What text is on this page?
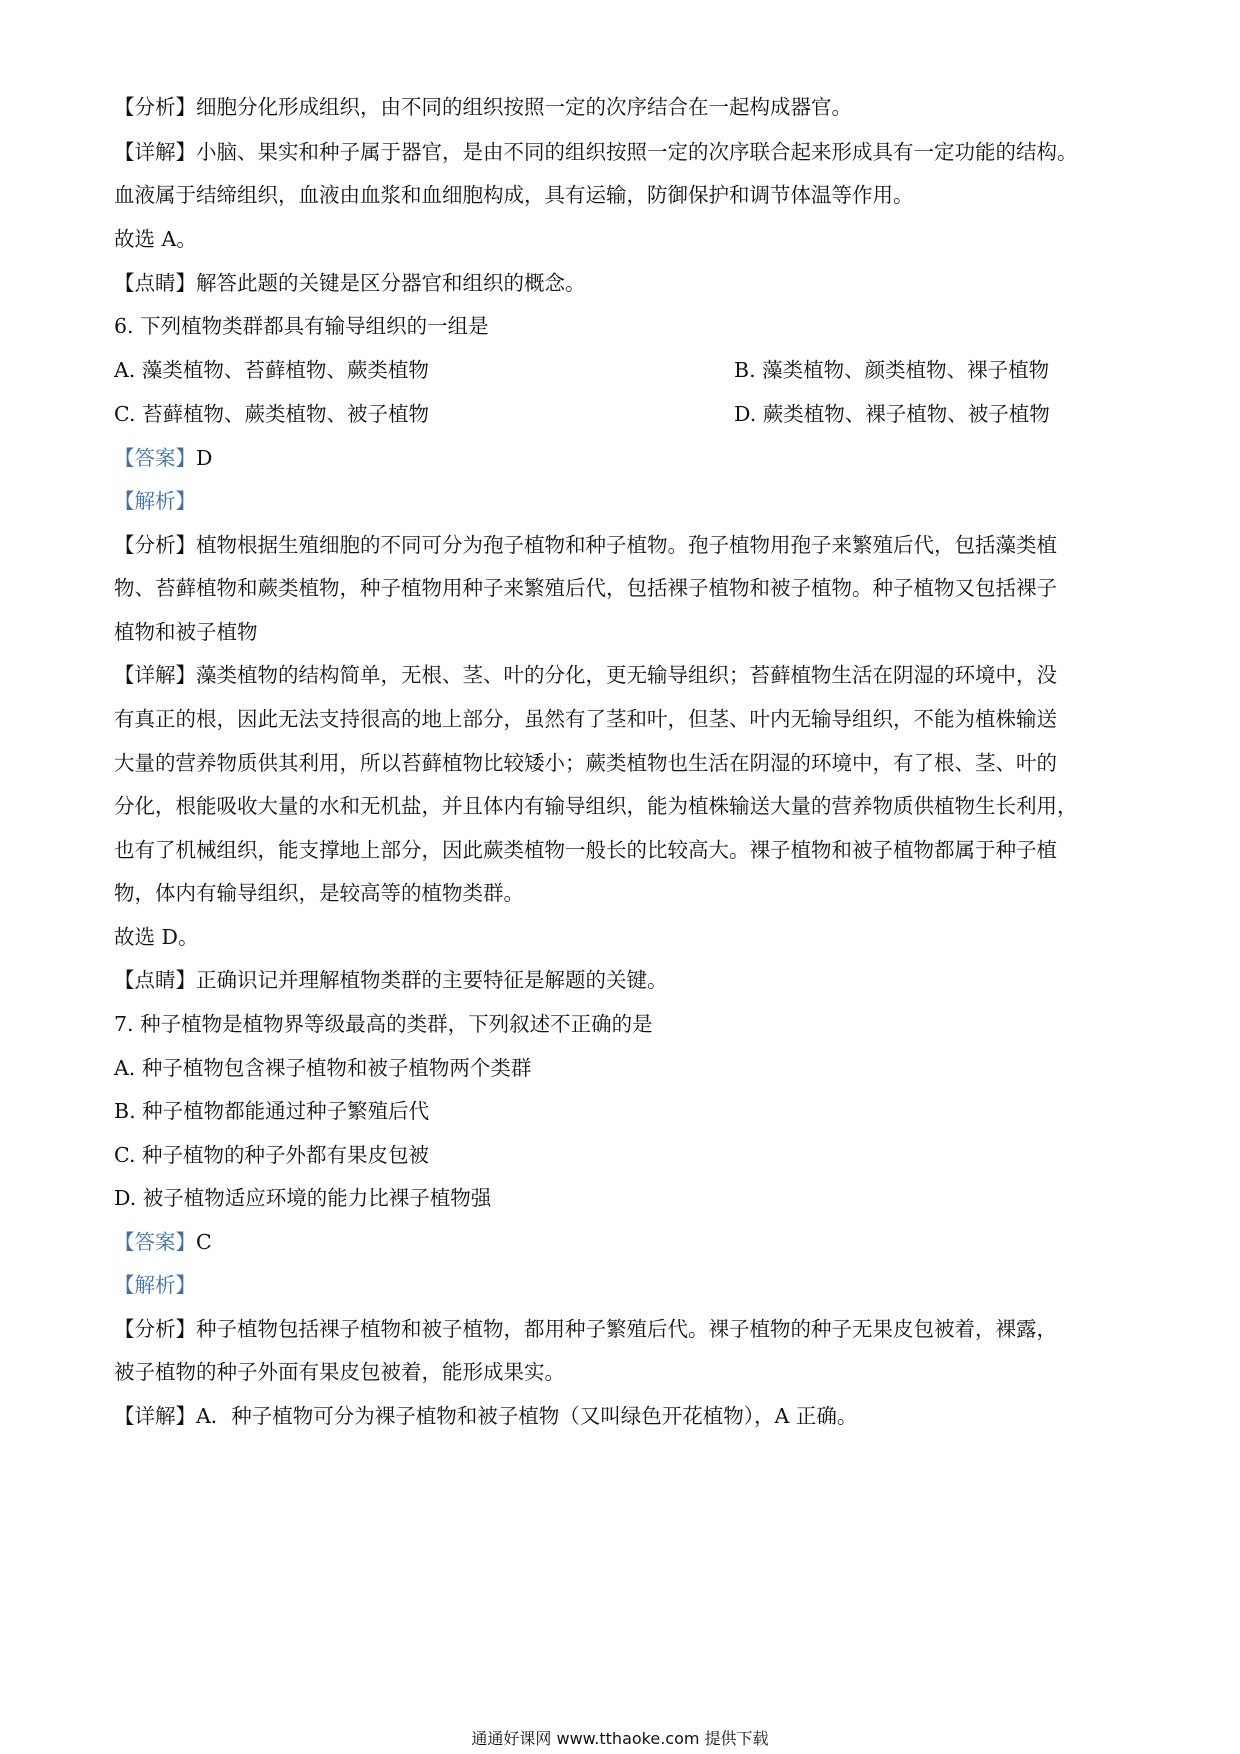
【分析】细胞分化形成组织，由不同的组织按照一定的次序结合在一起构成器官。
【详解】小脑、果实和种子属于器官，是由不同的组织按照一定的次序联合起来形成具有一定功能的结构。
血液属于结缔组织，血液由血浆和血细胞构成，具有运输，防御保护和调节体温等作用。
故选 A。
【点睛】解答此题的关键是区分器官和组织的概念。
6. 下列植物类群都具有输导组织的一组是
A. 藻类植物、苔藓植物、蕨类植物	B. 藻类植物、颜类植物、裸子植物
C. 苔藓植物、蕨类植物、被子植物	D. 蕨类植物、裸子植物、被子植物
【答案】D
【解析】
【分析】植物根据生殖细胞的不同可分为孢子植物和种子植物。孢子植物用孢子来繁殖后代，包括藻类植
物、苔藓植物和蕨类植物，种子植物用种子来繁殖后代，包括裸子植物和被子植物。种子植物又包括裸子
植物和被子植物
【详解】藻类植物的结构简单，无根、茎、叶的分化，更无输导组织；苔藓植物生活在阴湿的环境中，没
有真正的根，因此无法支持很高的地上部分，虽然有了茎和叶，但茎、叶内无输导组织，不能为植株输送
大量的营养物质供其利用，所以苔藓植物比较矮小；蕨类植物也生活在阴湿的环境中，有了根、茎、叶的
分化，根能吸收大量的水和无机盐，并且体内有输导组织，能为植株输送大量的营养物质供植物生长利用，
也有了机械组织，能支撑地上部分，因此蕨类植物一般长的比较高大。裸子植物和被子植物都属于种子植
物，体内有输导组织，是较高等的植物类群。
故选 D。
【点睛】正确识记并理解植物类群的主要特征是解题的关键。
7. 种子植物是植物界等级最高的类群，下列叙述不正确的是
A. 种子植物包含裸子植物和被子植物两个类群
B. 种子植物都能通过种子繁殖后代
C. 种子植物的种子外都有果皮包被
D. 被子植物适应环境的能力比裸子植物强
【答案】C
【解析】
【分析】种子植物包括裸子植物和被子植物，都用种子繁殖后代。裸子植物的种子无果皮包被着，裸露，
被子植物的种子外面有果皮包被着，能形成果实。
【详解】A．种子植物可分为裸子植物和被子植物（又叫绿色开花植物），A 正确。
通通好课网 www.tthaoke.com 提供下载
